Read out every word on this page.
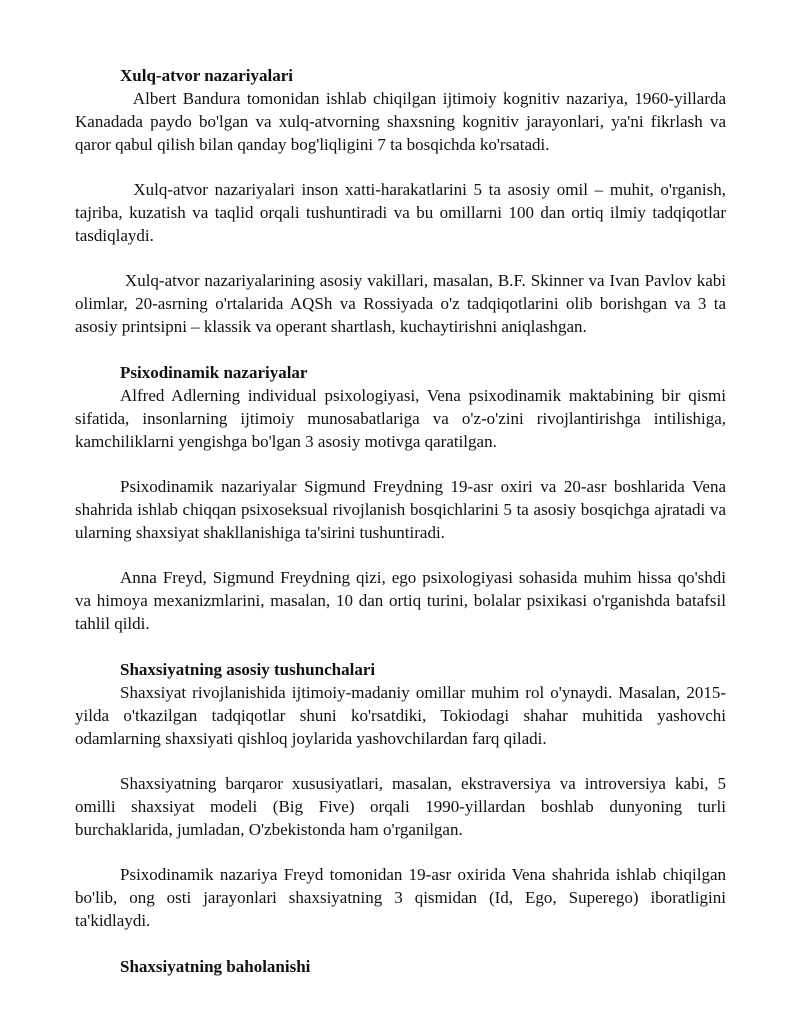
Xulq-atvor nazariyalari

Albert Bandura tomonidan ishlab chiqilgan ijtimoiy kognitiv nazariya, 1960-yillarda Kanadada paydo bo'lgan va xulq-atvorning shaxsning kognitiv jarayonlari, ya'ni fikrlash va qaror qabul qilish bilan qanday bog'liqligini 7 ta bosqichda ko'rsatadi.

Xulq-atvor nazariyalari inson xatti-harakatlarini 5 ta asosiy omil – muhit, o'rganish, tajriba, kuzatish va taqlid orqali tushuntiradi va bu omillarni 100 dan ortiq ilmiy tadqiqotlar tasdiqlaydi.

Xulq-atvor nazariyalarining asosiy vakillari, masalan, B.F. Skinner va Ivan Pavlov kabi olimlar, 20-asrning o'rtalarida AQSh va Rossiyada o'z tadqiqotlarini olib borishgan va 3 ta asosiy printsipni – klassik va operant shartlash, kuchaytirishni aniqlashgan.

Psixodinamik nazariyalar

Alfred Adlerning individual psixologiyasi, Vena psixodinamik maktabining bir qismi sifatida, insonlarning ijtimoiy munosabatlariga va o'z-o'zini rivojlantirishga intilishiga, kamchiliklarni yengishga bo'lgan 3 asosiy motivga qaratilgan.

Psixodinamik nazariyalar Sigmund Freydning 19-asr oxiri va 20-asr boshlarida Vena shahrida ishlab chiqqan psixoseksual rivojlanish bosqichlarini 5 ta asosiy bosqichga ajratadi va ularning shaxsiyat shakllanishiga ta'sirini tushuntiradi.

Anna Freyd, Sigmund Freydning qizi, ego psixologiyasi sohasida muhim hissa qo'shdi va himoya mexanizmlarini, masalan, 10 dan ortiq turini, bolalar psixikasi o'rganishda batafsil tahlil qildi.

Shaxsiyatning asosiy tushunchalari

Shaxsiyat rivojlanishida ijtimoiy-madaniy omillar muhim rol o'ynaydi. Masalan, 2015-yilda o'tkazilgan tadqiqotlar shuni ko'rsatdiki, Tokiodagi shahar muhitida yashovchi odamlarning shaxsiyati qishloq joylarida yashovchilardan farq qiladi.

Shaxsiyatning barqaror xususiyatlari, masalan, ekstraversiya va introversiya kabi, 5 omilli shaxsiyat modeli (Big Five) orqali 1990-yillardan boshlab dunyoning turli burchaklarida, jumladan, O'zbekistonda ham o'rganilgan.

Psixodinamik nazariya Freyd tomonidan 19-asr oxirida Vena shahrida ishlab chiqilgan bo'lib, ong osti jarayonlari shaxsiyatning 3 qismidan (Id, Ego, Superego) iboratligini ta'kidlaydi.

Shaxsiyatning baholanishi
